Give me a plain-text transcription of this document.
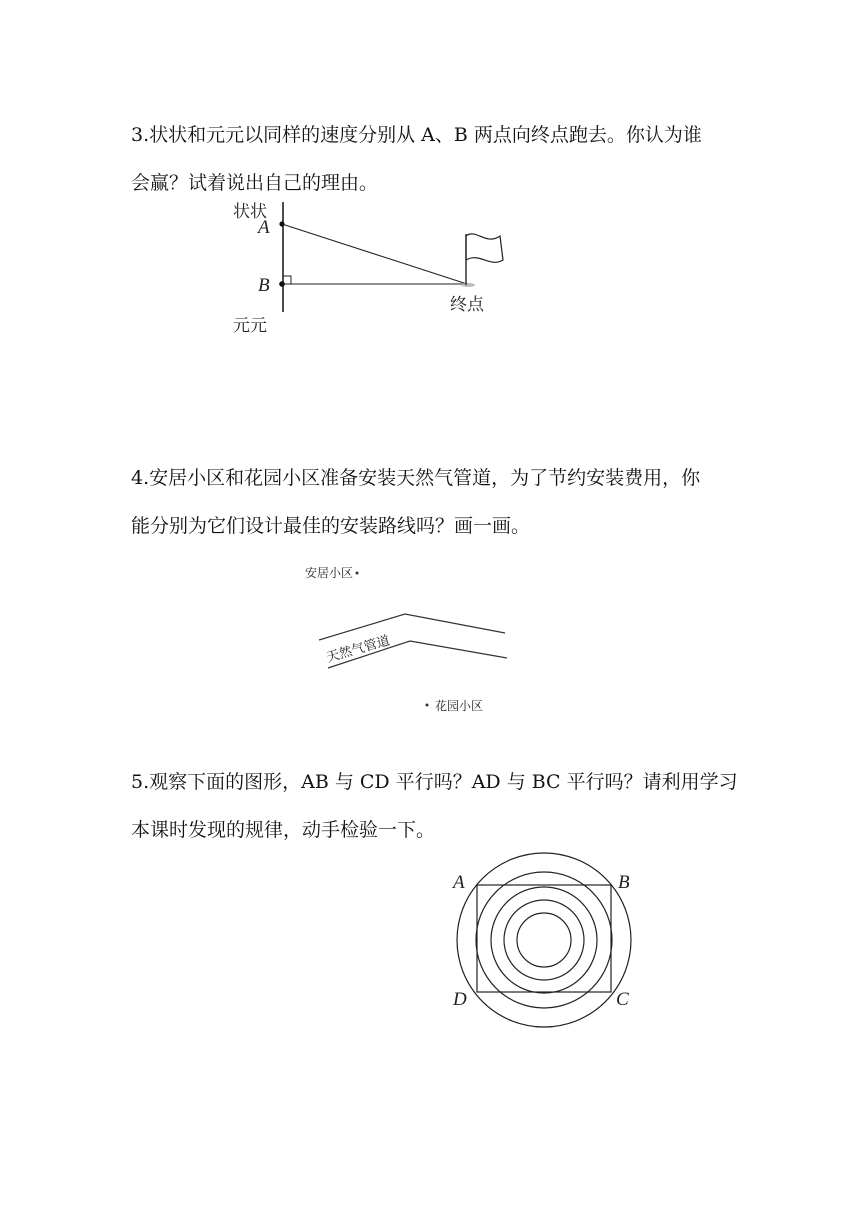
3.状状和元元以同样的速度分别从 A、B 两点向终点跑去。你认为谁
会赢？试着说出自己的理由。
状状
A
B
元元
终点
4.安居小区和花园小区准备安装天然气管道，为了节约安装费用，你
能分别为它们设计最佳的安装路线吗？画一画。
安居小区
天然气管道
花园小区
5.观察下面的图形，AB 与 CD 平行吗？AD 与 BC 平行吗？请利用学习
本课时发现的规律，动手检验一下。
A	B
D	C
